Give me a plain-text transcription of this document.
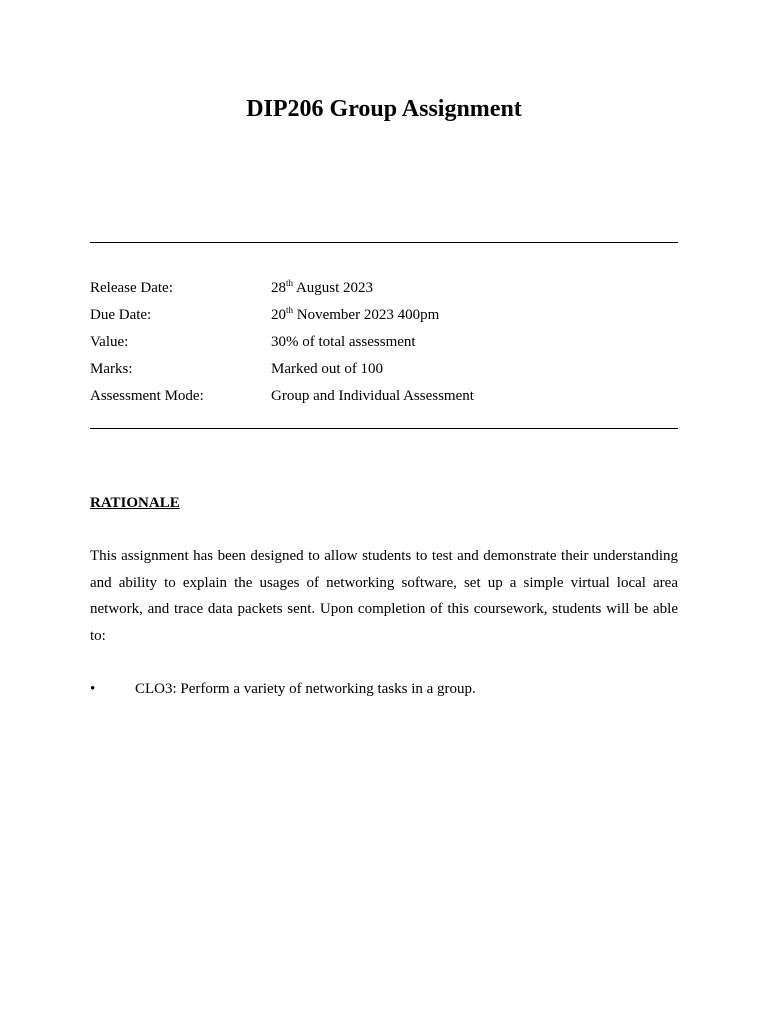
DIP206 Group Assignment
Release Date:	28th August 2023
Due Date:	20th November 2023 400pm
Value:	30% of total assessment
Marks:	Marked out of 100
Assessment Mode:	Group and Individual Assessment
RATIONALE
This assignment has been designed to allow students to test and demonstrate their understanding and ability to explain the usages of networking software, set up a simple virtual local area network, and trace data packets sent. Upon completion of this coursework, students will be able to:
•	CLO3: Perform a variety of networking tasks in a group.
